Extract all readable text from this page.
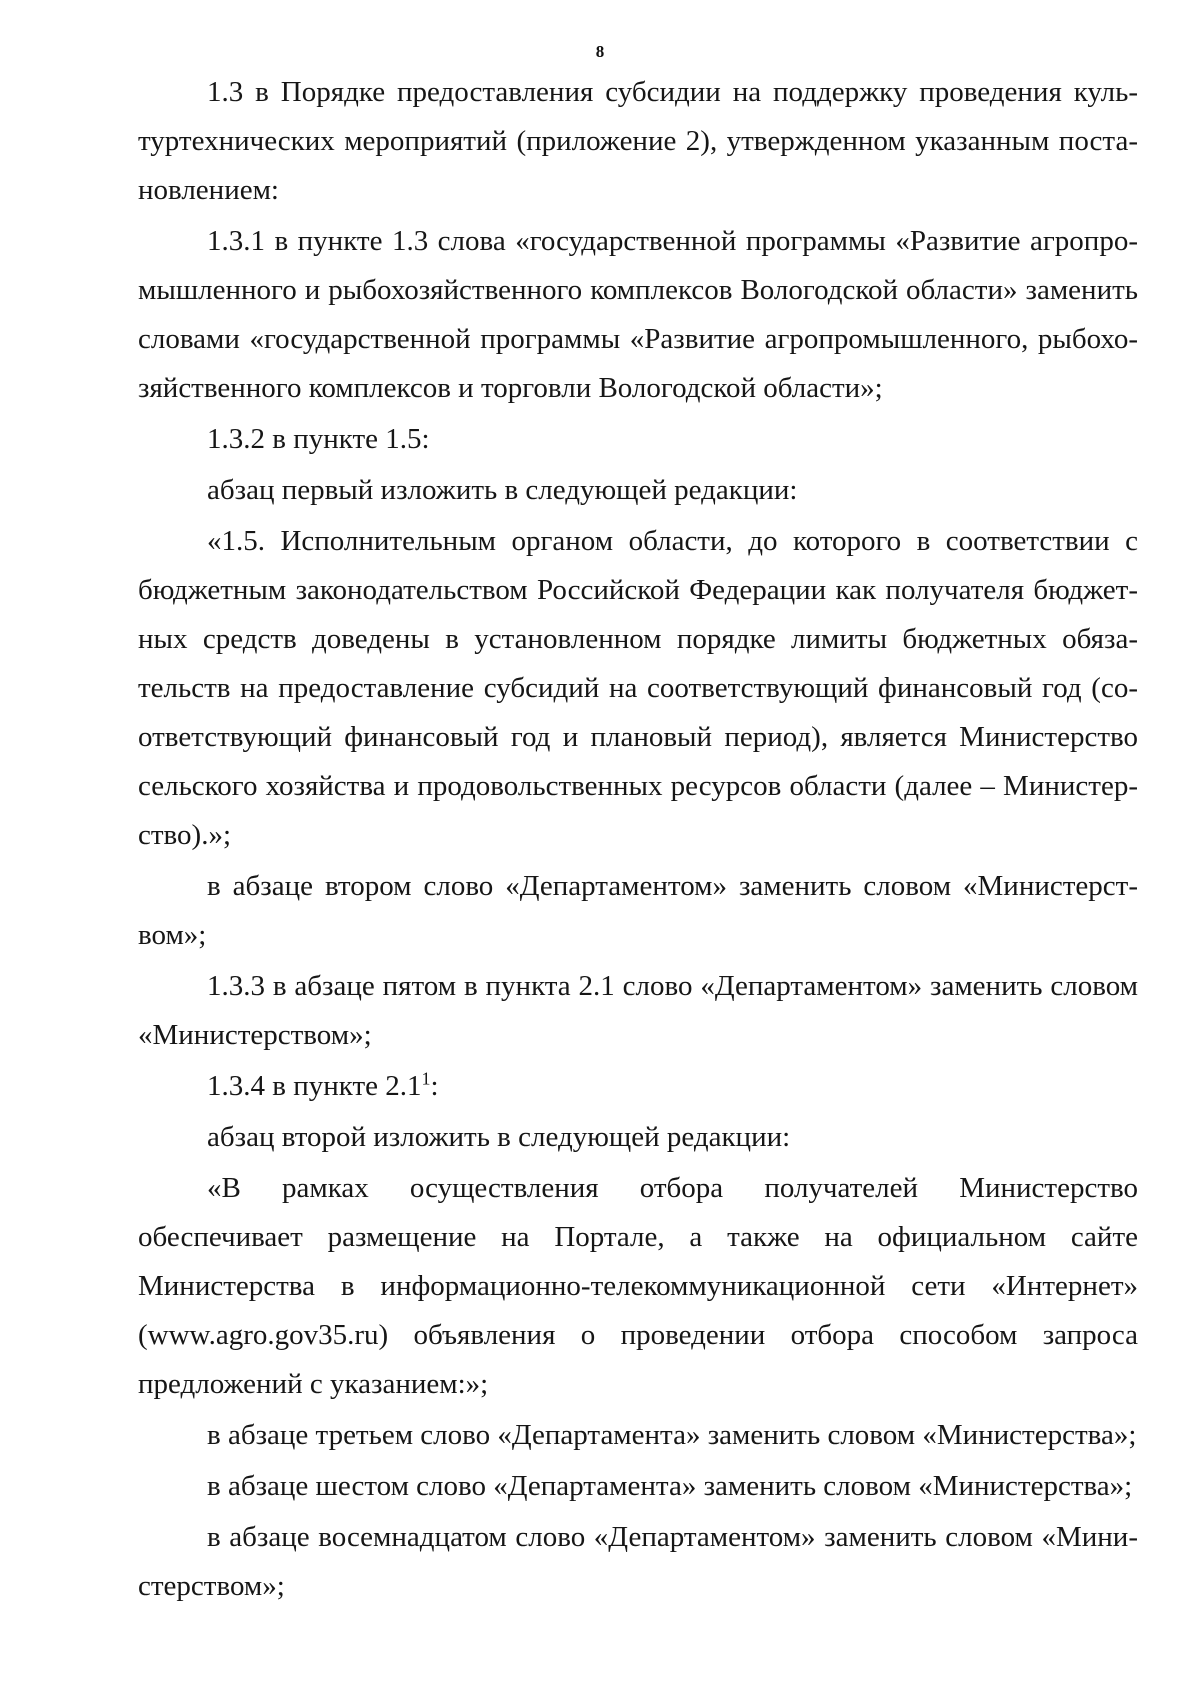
8

1.3 в Порядке предоставления субсидии на поддержку проведения культуртехнических мероприятий (приложение 2), утвержденном указанным постановлением:

1.3.1 в пункте 1.3 слова «государственной программы «Развитие агропромышленного и рыбохозяйственного комплексов Вологодской области» заменить словами «государственной программы «Развитие агропромышленного, рыбохозяйственного комплексов и торговли Вологодской области»;

1.3.2 в пункте 1.5:

абзац первый изложить в следующей редакции:

«1.5. Исполнительным органом области, до которого в соответствии с бюджетным законодательством Российской Федерации как получателя бюджетных средств доведены в установленном порядке лимиты бюджетных обязательств на предоставление субсидий на соответствующий финансовый год (соответствующий финансовый год и плановый период), является Министерство сельского хозяйства и продовольственных ресурсов области (далее – Министерство).»;

в абзаце втором слово «Департаментом» заменить словом «Министерством»;

1.3.3 в абзаце пятом в пункта 2.1 слово «Департаментом» заменить словом «Министерством»;

1.3.4 в пункте $2.1^1$:

абзац второй изложить в следующей редакции:

«В рамках осуществления отбора получателей Министерство обеспечивает размещение на Портале, а также на официальном сайте Министерства в информационно-телекоммуникационной сети «Интернет» (www.agro.gov35.ru) объявления о проведении отбора способом запроса предложений с указанием:»;

в абзаце третьем слово «Департамента» заменить словом «Министерства»;

в абзаце шестом слово «Департамента» заменить словом «Министерства»;

в абзаце восемнадцатом слово «Департаментом» заменить словом «Министерством»;
